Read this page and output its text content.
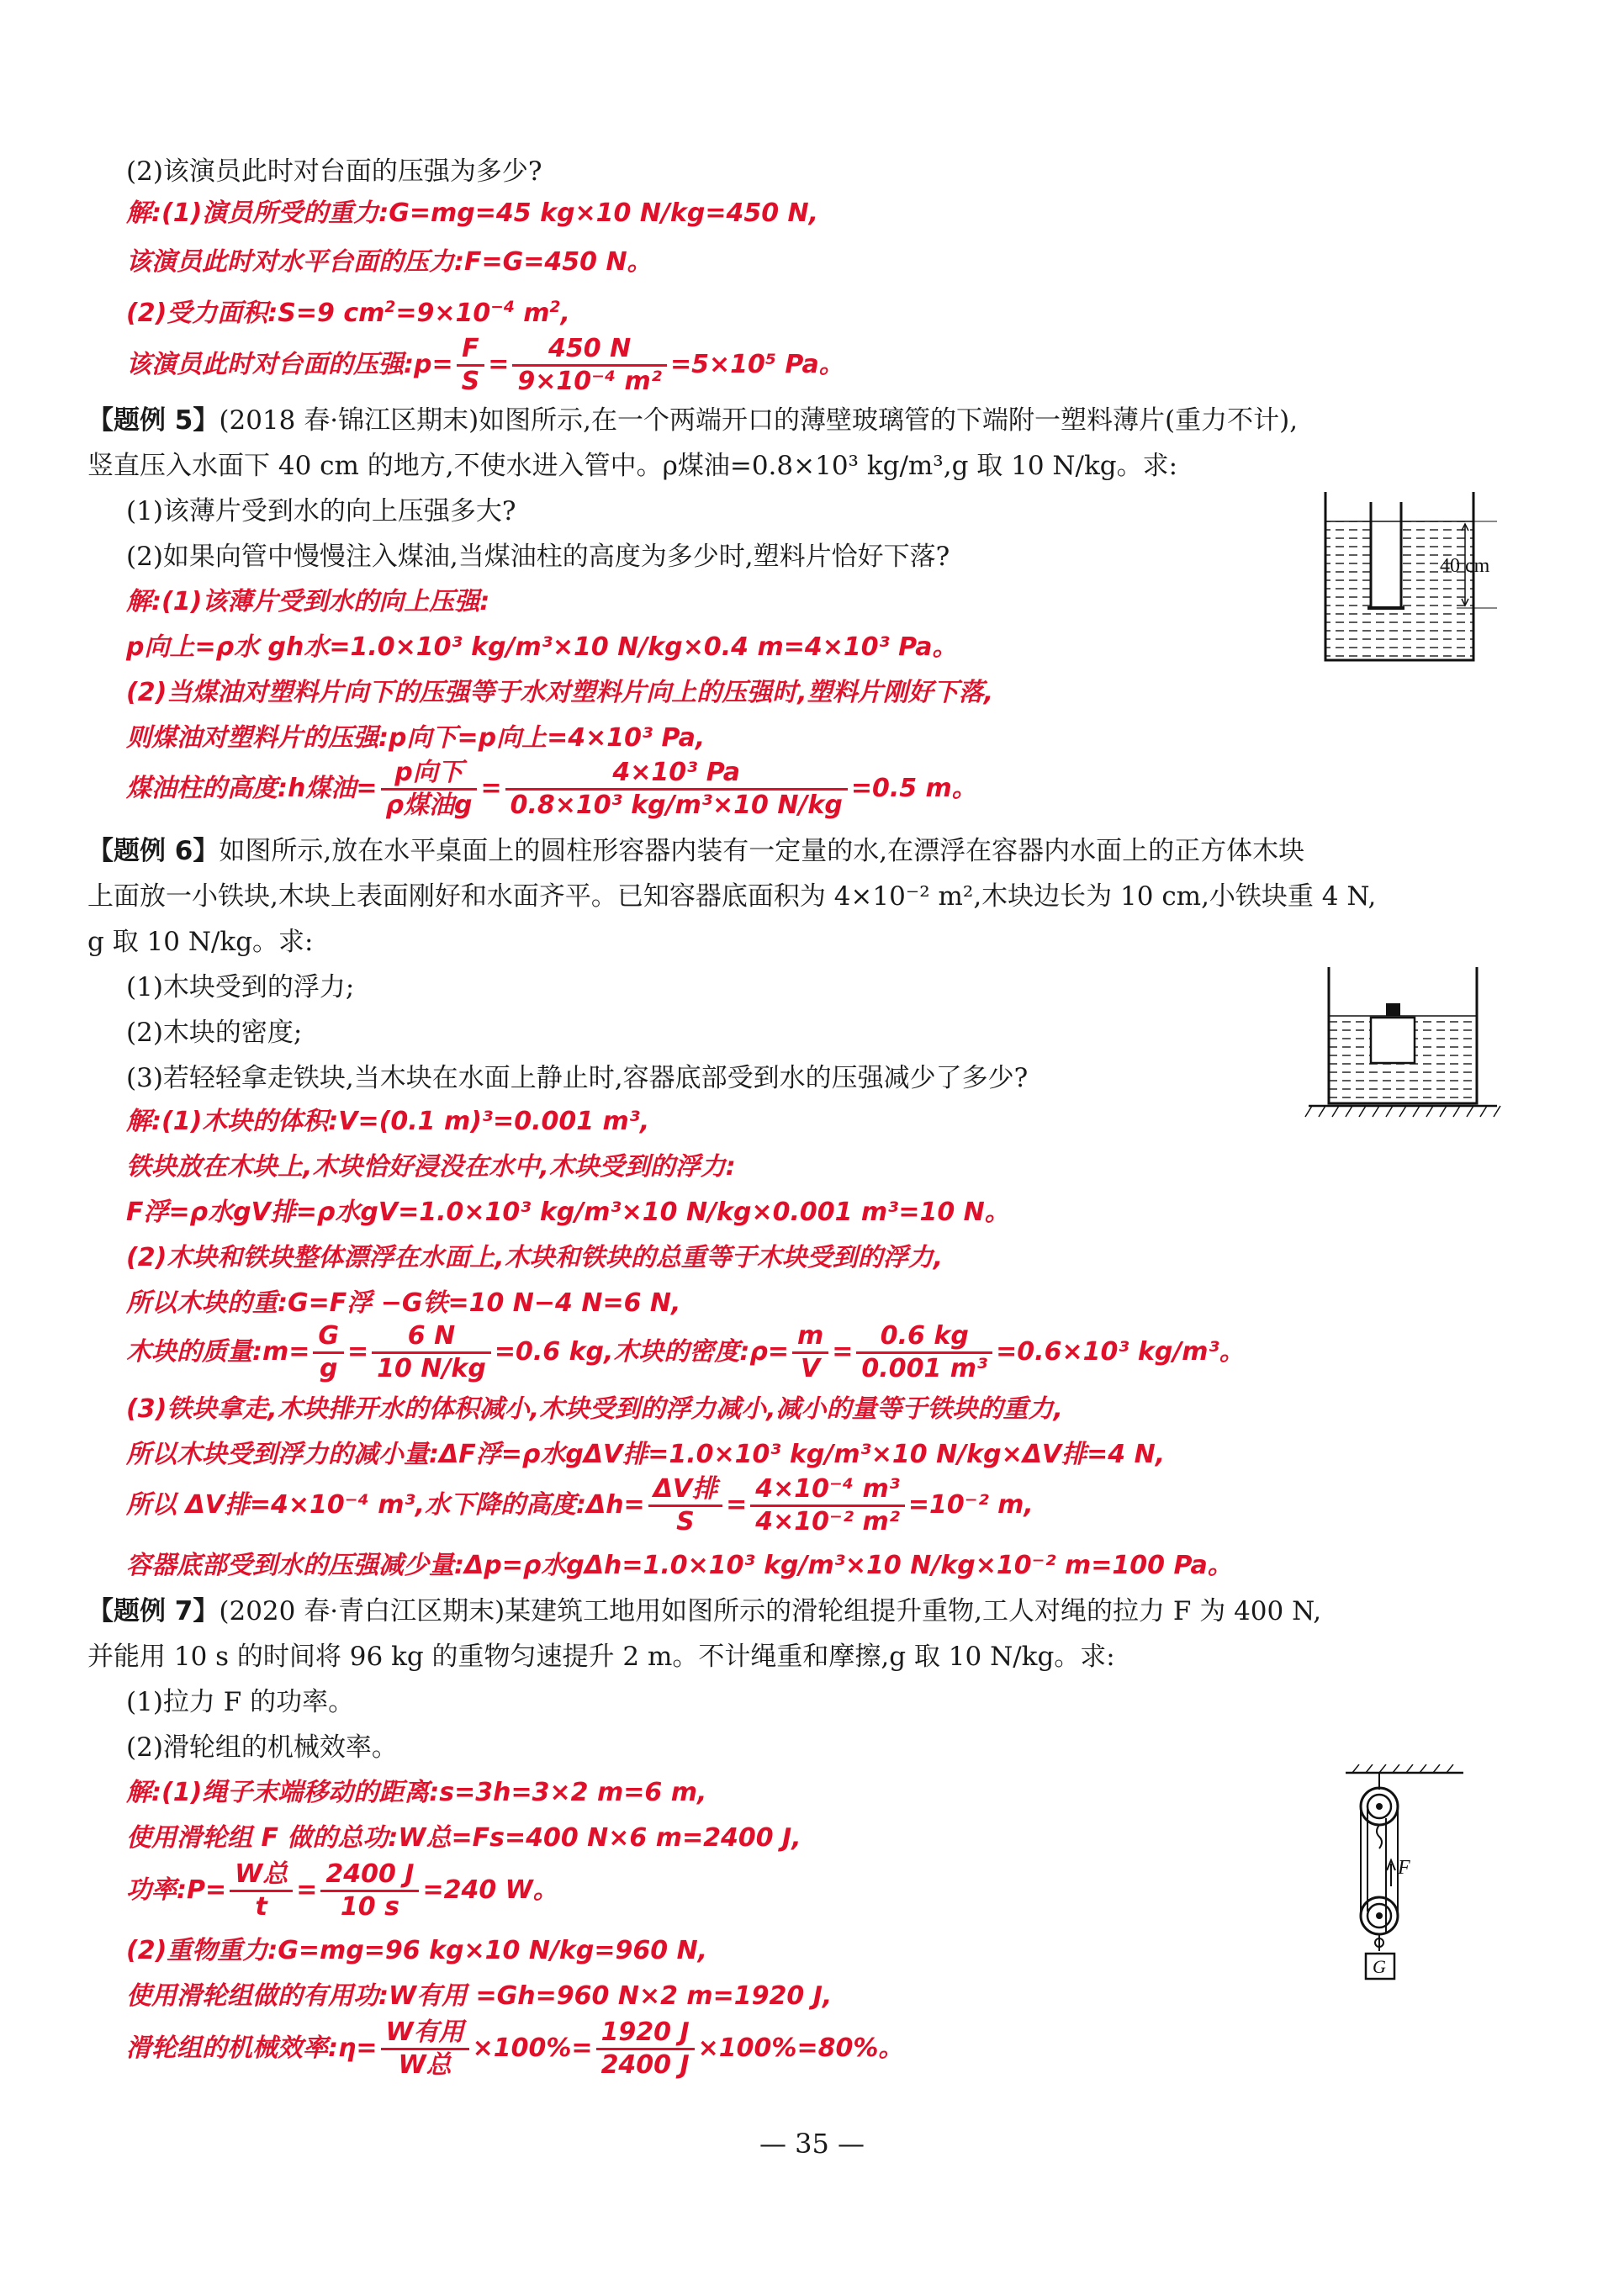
(2)该演员此时对台面的压强为多少?
解:(1)演员所受的重力:G=mg=45 kg×10 N/kg=450 N,
该演员此时对水平台面的压力:F=G=450 N。
(2)受力面积:S=9 $cm^2=9\times 10^{-4}$ $m^2$,
该演员此时对台面的压强:p= $\frac{F}{S} = \frac{450 N}{\text{9×10⁻⁴ m²}} =5\times 10^5$ Pa。
【题例 5】(2018 春·锦江区期末)如图所示,在一个两端开口的薄壁玻璃管的下端附一塑料薄片(重力不计),
竖直压入水面下 40 cm 的地方,不使水进入管中。ρ煤油=0.8×10³ kg/m³,g 取 10 N/kg。求:
(1)该薄片受到水的向上压强多大?
(2)如果向管中慢慢注入煤油,当煤油柱的高度为多少时,塑料片恰好下落?
解:(1)该薄片受到水的向上压强:
p向上=ρ水 gh水=1.0×10³ kg/m³×10 N/kg×0.4 m=4×10³ Pa。
(2)当煤油对塑料片向下的压强等于水对塑料片向上的压强时,塑料片刚好下落,
则煤油对塑料片的压强:p向下=p向上=4×10³ Pa,
煤油柱的高度:h煤油= $\frac{\text{p向下}}{\text{ρ煤油g}} = \frac{\text{4×10³ Pa}}{\text{0.8×10³ kg/m³×10 N/kg}} =0.5$ m。
【题例 6】如图所示,放在水平桌面上的圆柱形容器内装有一定量的水,在漂浮在容器内水面上的正方体木块
上面放一小铁块,木块上表面刚好和水面齐平。已知容器底面积为 4×10⁻² m²,木块边长为 10 cm,小铁块重 4 N,
g 取 10 N/kg。求:
(1)木块受到的浮力;
(2)木块的密度;
(3)若轻轻拿走铁块,当木块在水面上静止时,容器底部受到水的压强减少了多少?
解:(1)木块的体积:V=(0.1 m)³=0.001 m³,
铁块放在木块上,木块恰好浸没在水中,木块受到的浮力:
F浮=ρ水gV排=ρ水gV=1.0×10³ kg/m³×10 N/kg×0.001 m³=10 N。
(2)木块和铁块整体漂浮在水面上,木块和铁块的总重等于木块受到的浮力,
所以木块的重:G=F浮 −G铁=10 N−4 N=6 N,
木块的质量:m= $\frac{G}{g} = \frac{6 N}{10 N/kg} =0.6$ kg,木块的密度:ρ= $\frac{m}{V} = \frac{0.6 kg}{\text{0.001 m³}} =0.6\times 10^3$ kg/m³。
(3)铁块拿走,木块排开水的体积减小,木块受到的浮力减小,减小的量等于铁块的重力,
所以木块受到浮力的减小量:ΔF浮=ρ水gΔV排=1.0×10³ kg/m³×10 N/kg×ΔV排=4 N,
所以 ΔV排=4×10⁻⁴ m³,水下降的高度:Δh= $\frac{\text{ΔV排}}{S} = \frac{\text{4×10⁻⁴ m³}}{\text{4×10⁻² m²}} =10^{-2}$ m,
容器底部受到水的压强减少量:Δp=ρ水gΔh=1.0×10³ kg/m³×10 N/kg×10⁻² m=100 Pa。
【题例 7】(2020 春·青白江区期末)某建筑工地用如图所示的滑轮组提升重物,工人对绳的拉力 F 为 400 N,
并能用 10 s 的时间将 96 kg 的重物匀速提升 2 m。不计绳重和摩擦,g 取 10 N/kg。求:
(1)拉力 F 的功率。
(2)滑轮组的机械效率。
解:(1)绳子末端移动的距离:s=3h=3×2 m=6 m,
使用滑轮组 F 做的总功:W总=Fs=400 N×6 m=2400 J,
功率:P= $\frac{\text{W总}}{t} = \frac{2400 J}{10 s} =240$ W。
(2)重物重力:G=mg=96 kg×10 N/kg=960 N,
使用滑轮组做的有用功:W有用 =Gh=960 N×2 m=1920 J,
滑轮组的机械效率:η= $\frac{\text{W有用}}{\text{W总}} \times 100\%= \frac{1920 J}{2400 J} \times 100\%=80\%$。
40 cm
F
G
— 35 —
